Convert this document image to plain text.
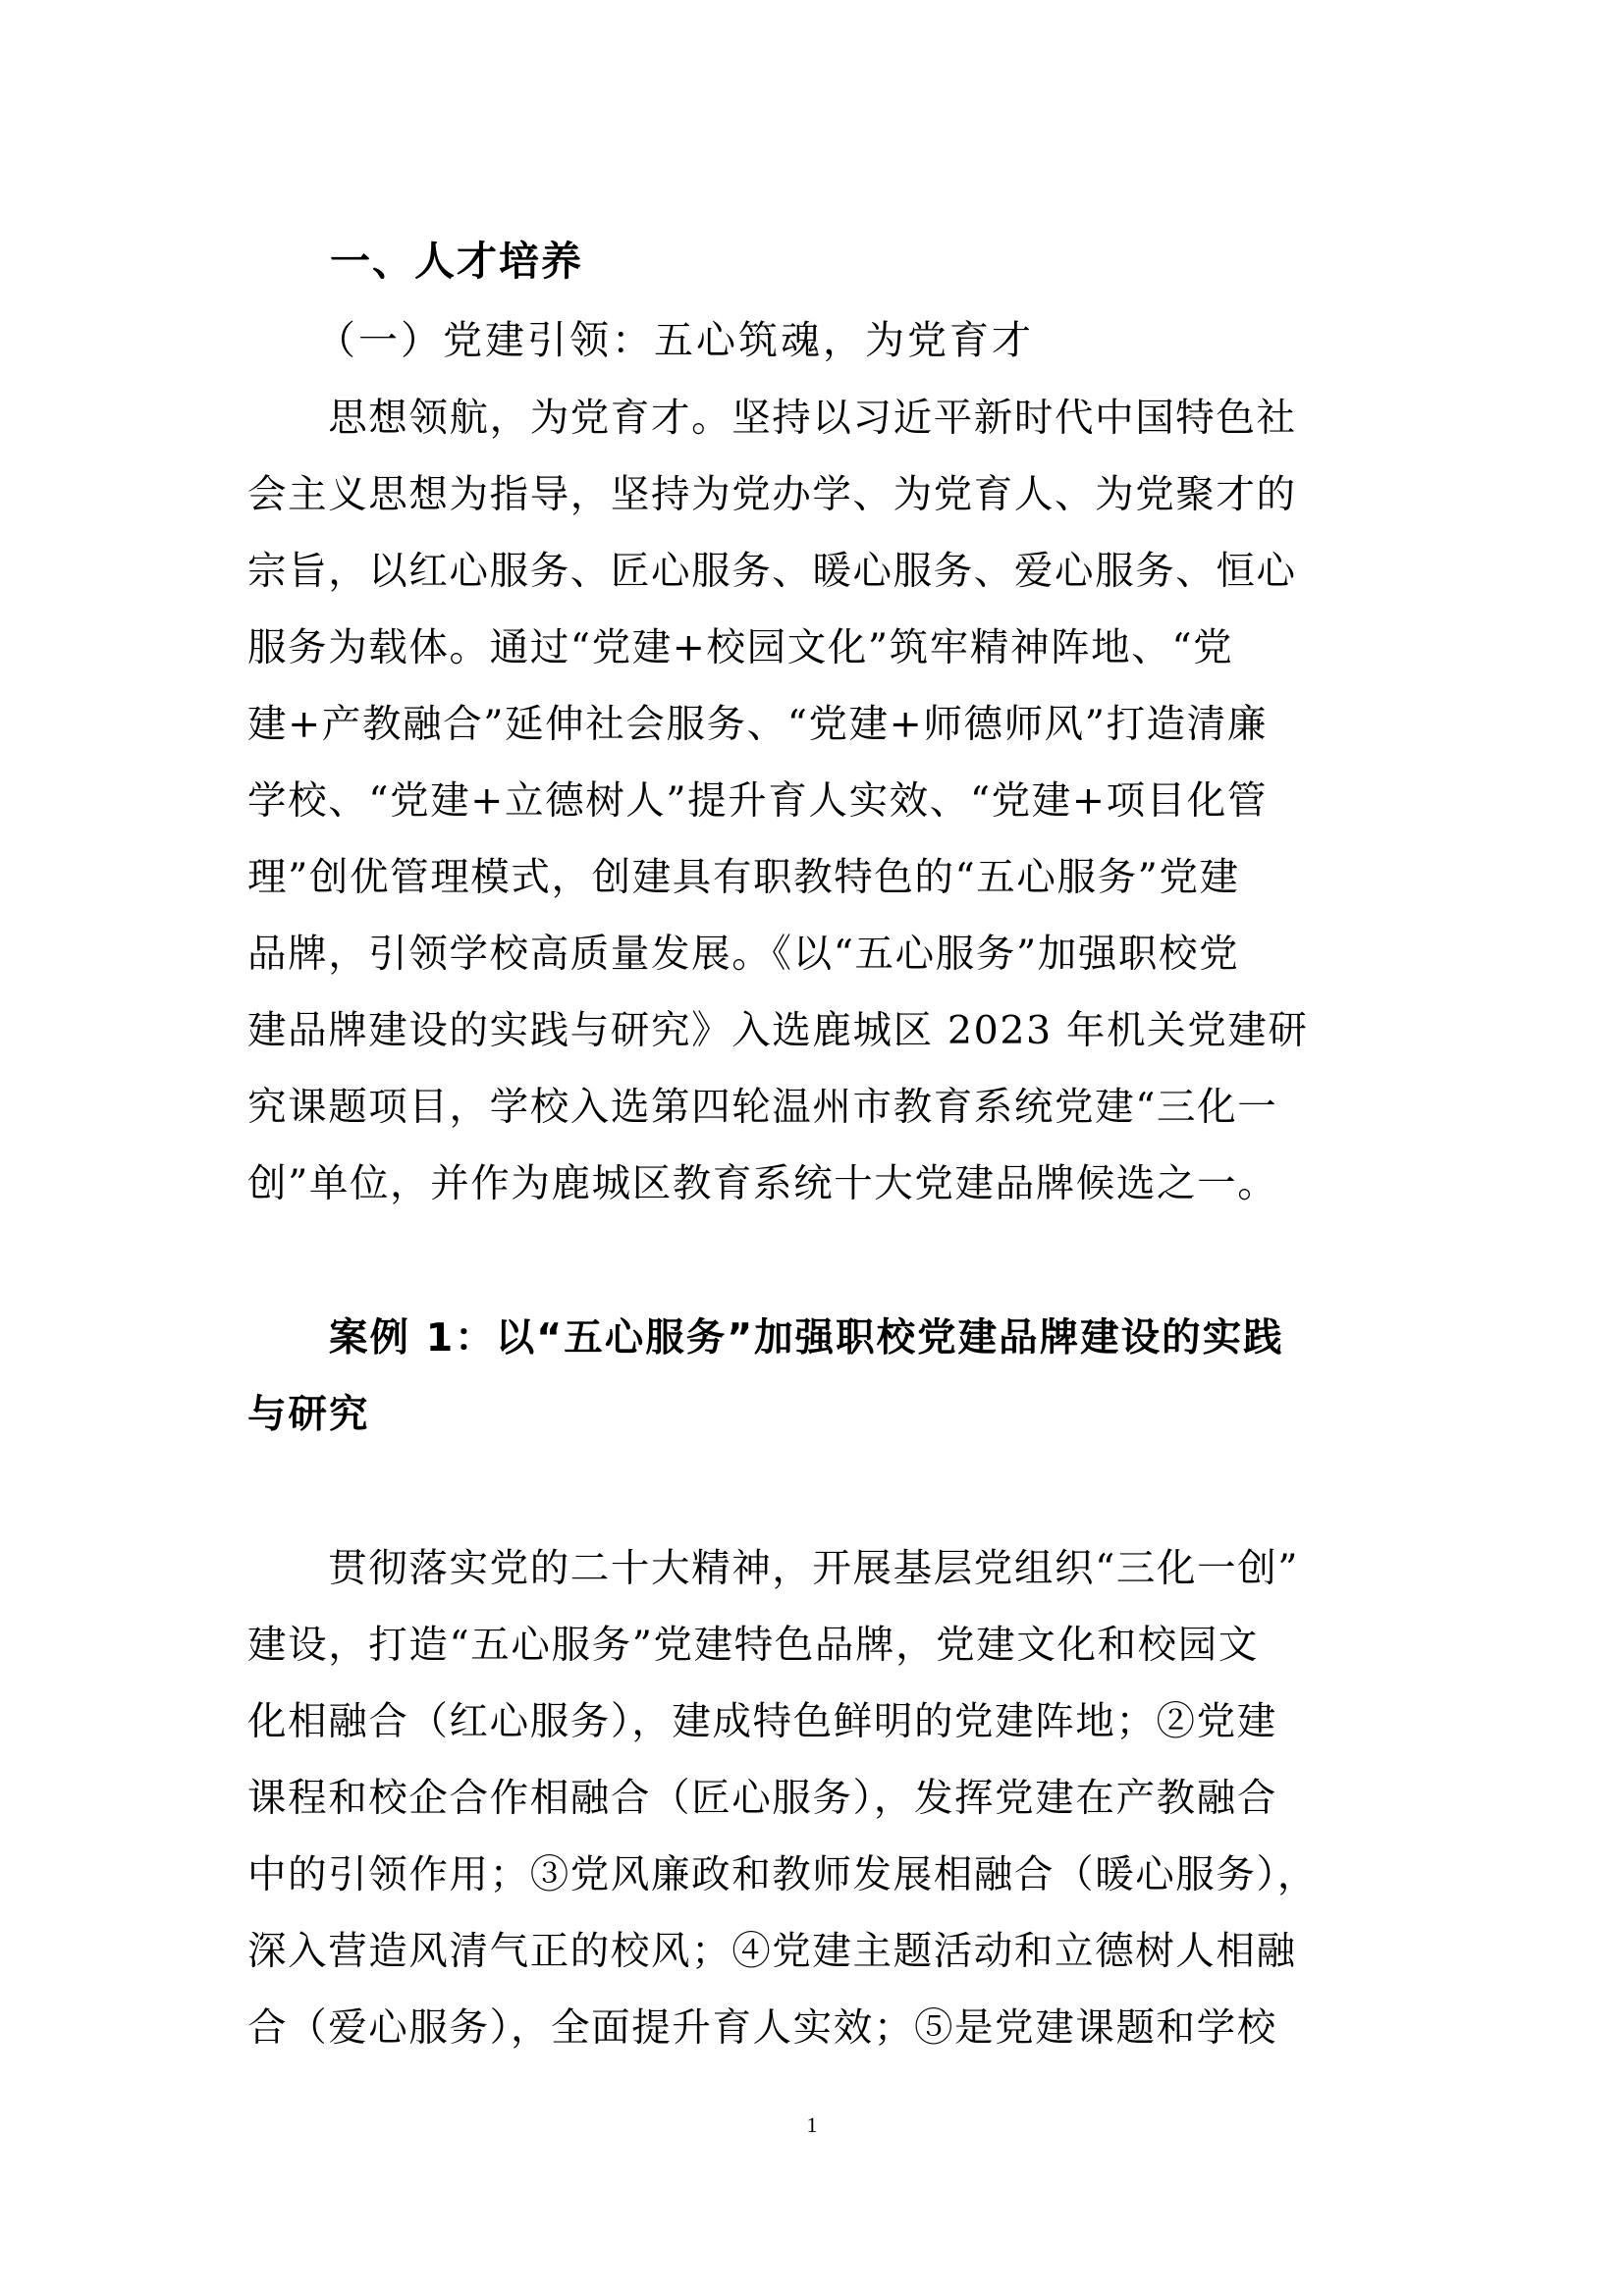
一、人才培养
（一）党建引领：五心筑魂，为党育才
　　思想领航，为党育才。坚持以习近平新时代中国特色社
会主义思想为指导，坚持为党办学、为党育人、为党聚才的
宗旨，以红心服务、匠心服务、暖心服务、爱心服务、恒心
服务为载体。通过“党建+校园文化”筑牢精神阵地、“党
建+产教融合”延伸社会服务、“党建+师德师风”打造清廉
学校、“党建+立德树人”提升育人实效、“党建+项目化管
理”创优管理模式，创建具有职教特色的“五心服务”党建
品牌，引领学校高质量发展。《以“五心服务”加强职校党
建品牌建设的实践与研究》入选鹿城区 2023 年机关党建研
究课题项目，学校入选第四轮温州市教育系统党建“三化一
创”单位，并作为鹿城区教育系统十大党建品牌候选之一。
　　案例 1：以“五心服务”加强职校党建品牌建设的实践
与研究
　　贯彻落实党的二十大精神，开展基层党组织“三化一创”
建设，打造“五心服务”党建特色品牌，党建文化和校园文
化相融合（红心服务），建成特色鲜明的党建阵地；②党建
课程和校企合作相融合（匠心服务），发挥党建在产教融合
中的引领作用；③党风廉政和教师发展相融合（暖心服务），
深入营造风清气正的校风；④党建主题活动和立德树人相融
合（爱心服务），全面提升育人实效；⑤是党建课题和学校
1
